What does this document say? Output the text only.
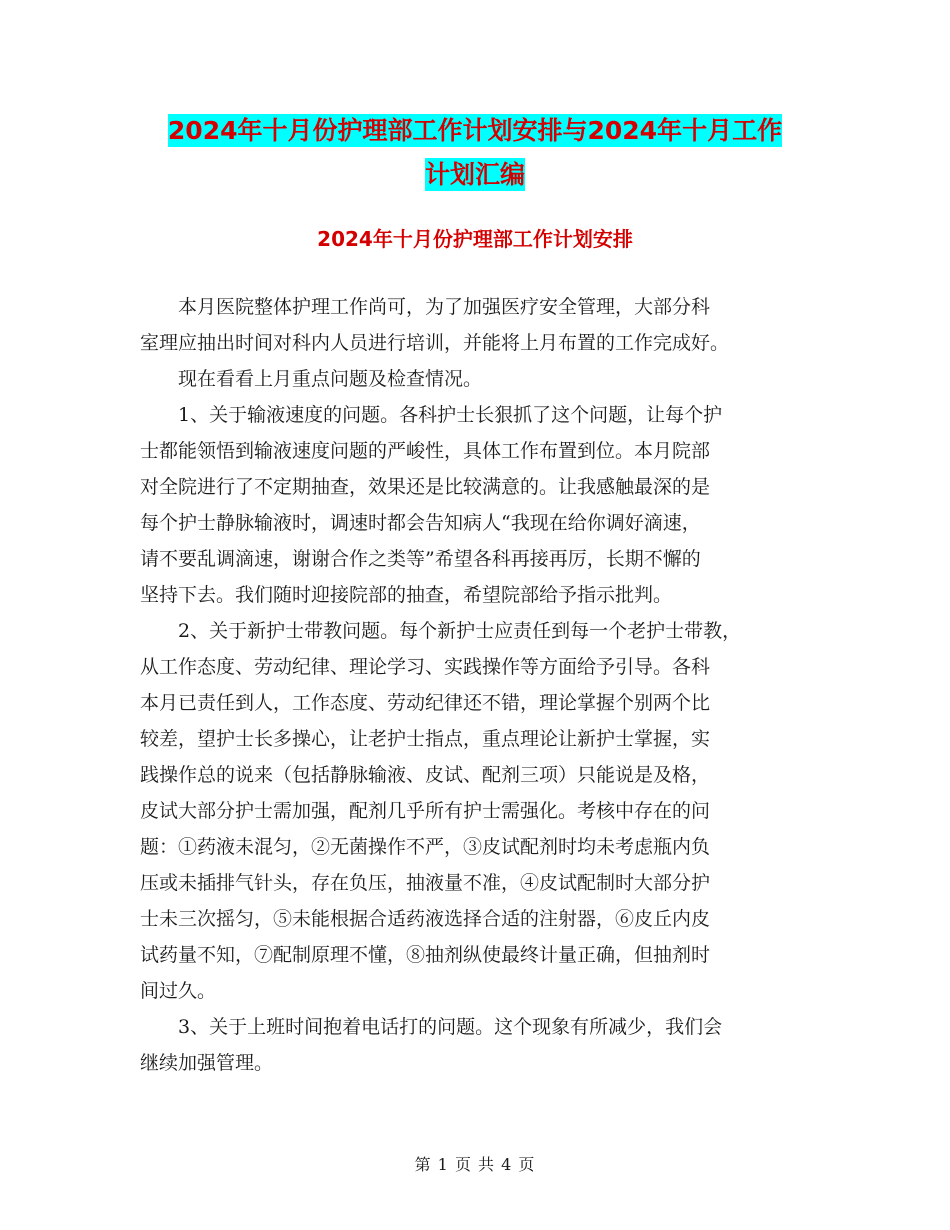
2024年十月份护理部工作计划安排与2024年十月工作
计划汇编
2024年十月份护理部工作计划安排

本月医院整体护理工作尚可，为了加强医疗安全管理，大部分科
室理应抽出时间对科内人员进行培训，并能将上月布置的工作完成好。

现在看看上月重点问题及检查情况。

1、关于输液速度的问题。各科护士长狠抓了这个问题，让每个护
士都能领悟到输液速度问题的严峻性，具体工作布置到位。本月院部
对全院进行了不定期抽查，效果还是比较满意的。让我感触最深的是
每个护士静脉输液时，调速时都会告知病人“我现在给你调好滴速，
请不要乱调滴速，谢谢合作之类等”希望各科再接再厉，长期不懈的
坚持下去。我们随时迎接院部的抽查，希望院部给予指示批判。

2、关于新护士带教问题。每个新护士应责任到每一个老护士带教，
从工作态度、劳动纪律、理论学习、实践操作等方面给予引导。各科
本月已责任到人，工作态度、劳动纪律还不错，理论掌握个别两个比
较差，望护士长多操心，让老护士指点，重点理论让新护士掌握，实
践操作总的说来（包括静脉输液、皮试、配剂三项）只能说是及格，
皮试大部分护士需加强，配剂几乎所有护士需强化。考核中存在的问
题：①药液未混匀，②无菌操作不严，③皮试配剂时均未考虑瓶内负
压或未插排气针头，存在负压，抽液量不准，④皮试配制时大部分护
士未三次摇匀，⑤未能根据合适药液选择合适的注射器，⑥皮丘内皮
试药量不知，⑦配制原理不懂，⑧抽剂纵使最终计量正确，但抽剂时
间过久。

3、关于上班时间抱着电话打的问题。这个现象有所减少，我们会
继续加强管理。

第 1 页 共 4 页
